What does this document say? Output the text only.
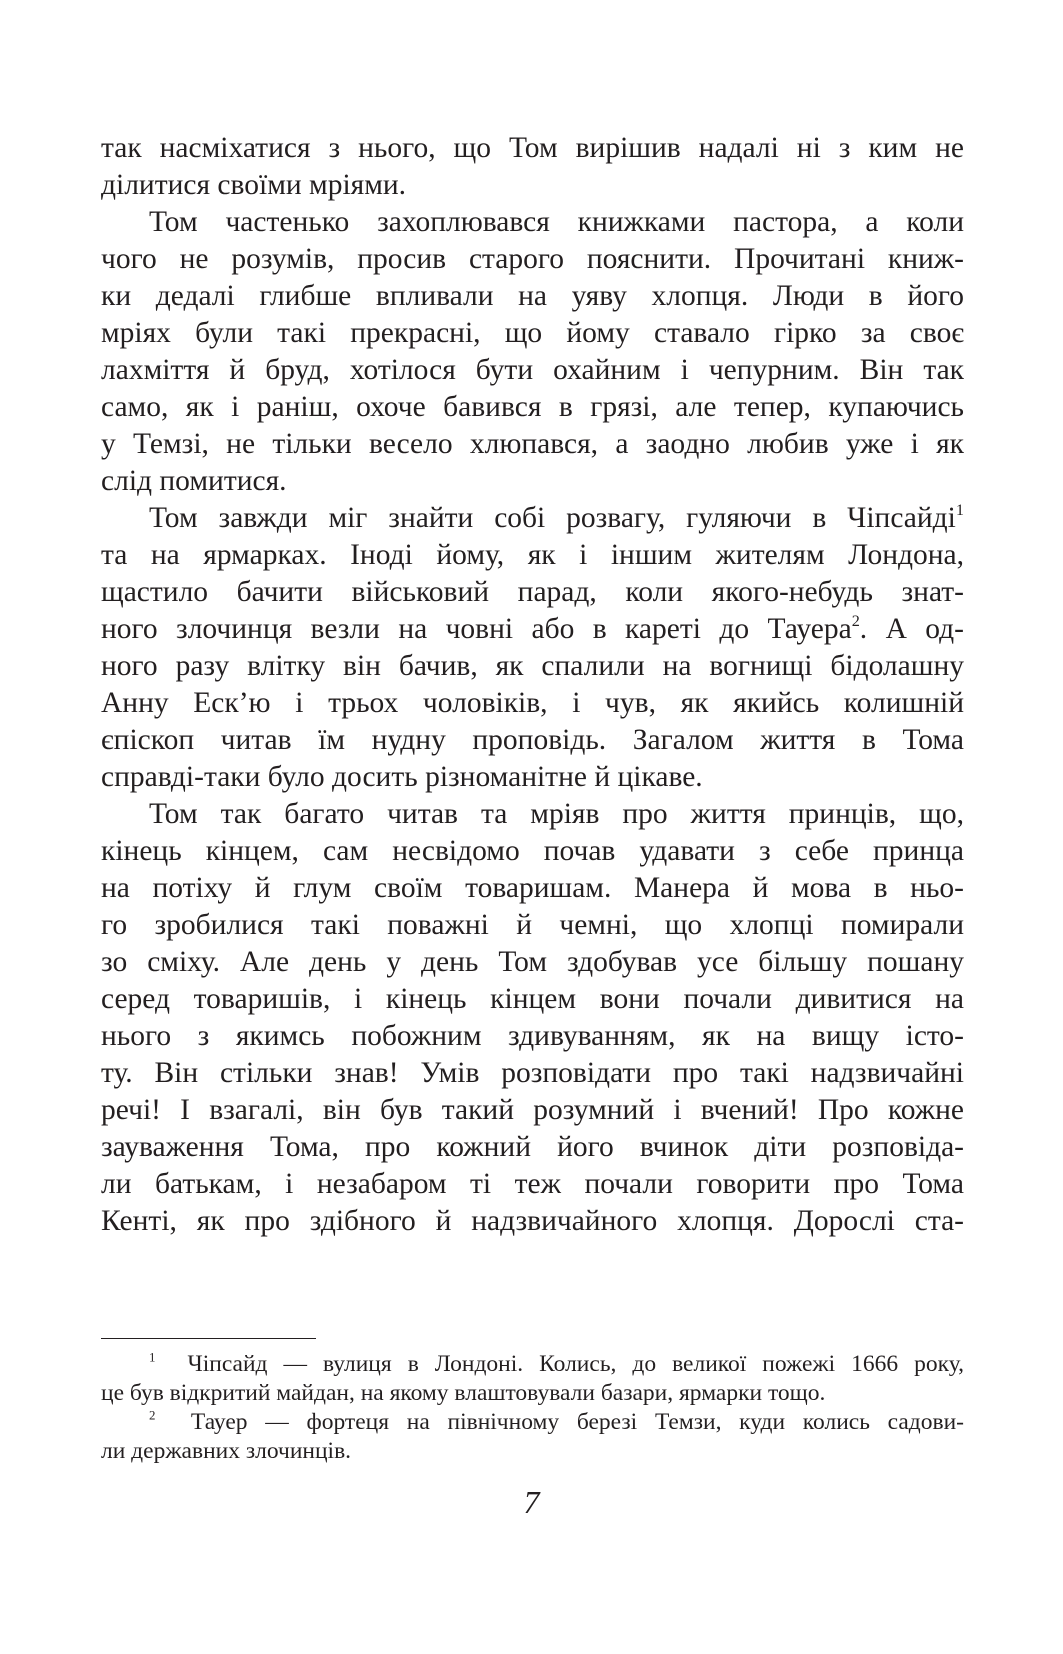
так насміхатися з нього, що Том вирішив надалі ні з ким не
ділитися своїми мріями.
Том частенько захоплювався книжками пастора, а коли
чого не розумів, просив старого пояснити. Прочитані книж-
ки дедалі глибше впливали на уяву хлопця. Люди в його
мріях були такі прекрасні, що йому ставало гірко за своє
лахміття й бруд, хотілося бути охайним і чепурним. Він так
само, як і раніш, охоче бавився в грязі, але тепер, купаючись
у Темзі, не тільки весело хлюпався, а заодно любив уже і як
слід помитися.
Том завжди міг знайти собі розвагу, гуляючи в Чіпсайді$^1$
та на ярмарках. Іноді йому, як і іншим жителям Лондона,
щастило бачити військовий парад, коли якого-небудь знат-
ного злочинця везли на човні або в кареті до Тауера$^2$. А од-
ного разу влітку він бачив, як спалили на вогнищі бідолашну
Анну Еск’ю і трьох чоловіків, і чув, як якийсь колишній
єпіскоп читав їм нудну проповідь. Загалом життя в Тома
справді-таки було досить різноманітне й цікаве.
Том так багато читав та мріяв про життя принців, що,
кінець кінцем, сам несвідомо почав удавати з себе принца
на потіху й глум своїм товаришам. Манера й мова в ньо-
го зробилися такі поважні й чемні, що хлопці помирали
зо сміху. Але день у день Том здобував усе більшу пошану
серед товаришів, і кінець кінцем вони почали дивитися на
нього з якимсь побожним здивуванням, як на вищу істо-
ту. Він стільки знав! Умів розповідати про такі надзвичайні
речі! І взагалі, він був такий розумний і вчений! Про кожне
зауваження Тома, про кожний його вчинок діти розповіда-
ли батькам, і незабаром ті теж почали говорити про Тома
Кенті, як про здібного й надзвичайного хлопця. Дорослі ста-
$^1$ Чіпсайд — вулиця в Лондоні. Колись, до великої пожежі 1666 року,
це був відкритий майдан, на якому влаштовували базари, ярмарки тощо.
$^2$ Тауер — фортеця на північному березі Темзи, куди колись садови-
ли державних злочинців.
7
